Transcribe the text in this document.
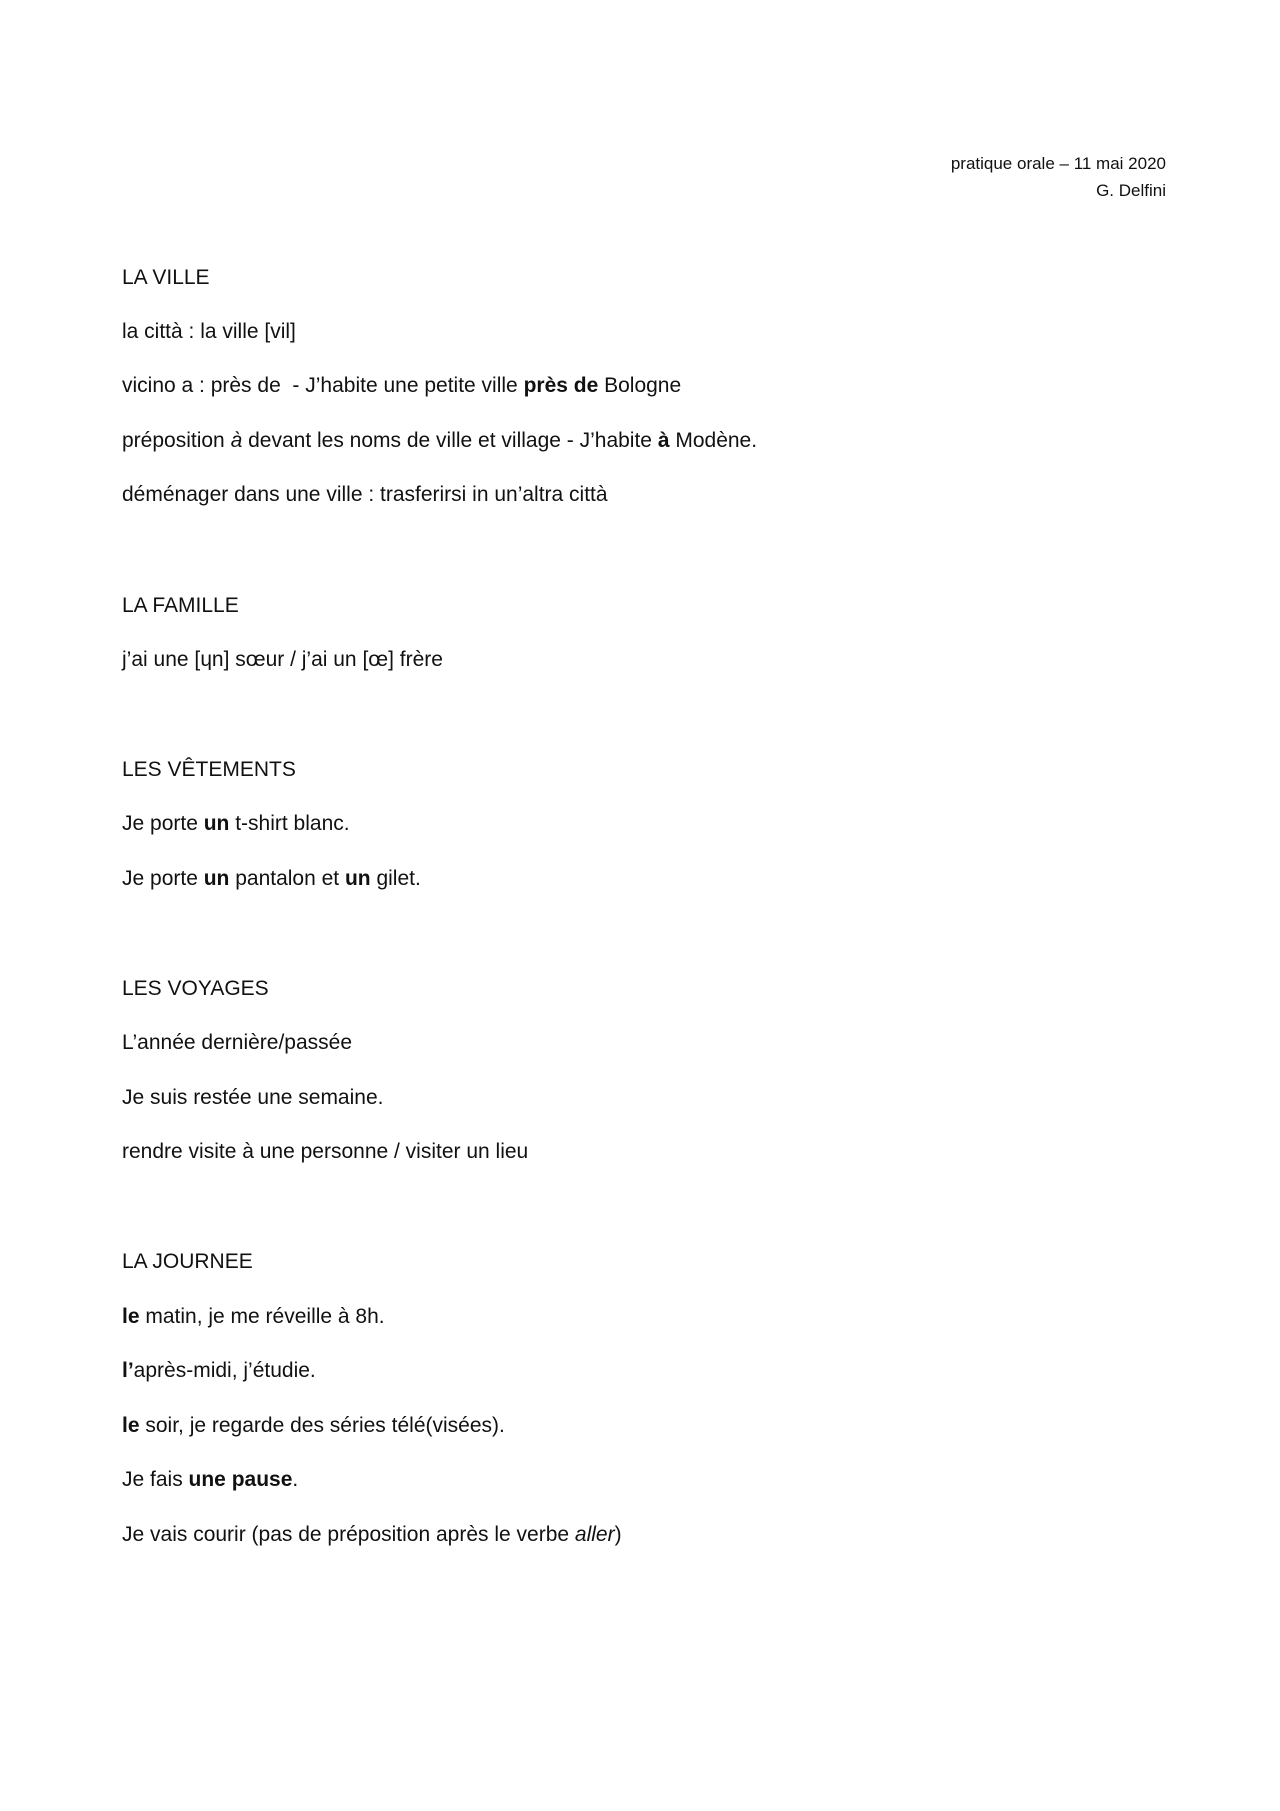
pratique orale – 11 mai 2020
G. Delfini
LA VILLE
la città : la ville [vil]
vicino a : près de  - J’habite une petite ville près de Bologne
préposition à devant les noms de ville et village - J’habite à Modène.
déménager dans une ville : trasferirsi in un’altra città
LA FAMILLE
j’ai une [ɥn] sœur / j’ai un [œ] frère
LES VÊTEMENTS
Je porte un t-shirt blanc.
Je porte un pantalon et un gilet.
LES VOYAGES
L’année dernière/passée
Je suis restée une semaine.
rendre visite à une personne / visiter un lieu
LA JOURNEE
le matin, je me réveille à 8h.
l’après-midi, j’étudie.
le soir, je regarde des séries télé(visées).
Je fais une pause.
Je vais courir (pas de préposition après le verbe aller)
